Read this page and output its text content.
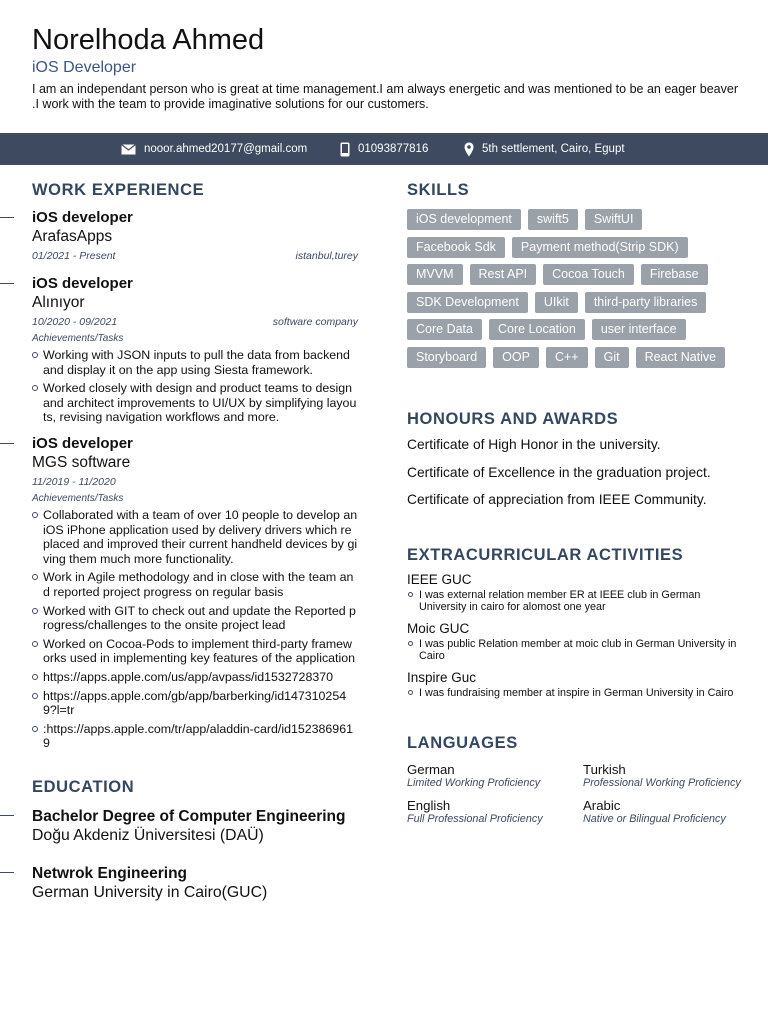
Norelhoda Ahmed
iOS Developer
I am an independant person who is great at time management.I am always energetic and was mentioned to be an eager beaver .I work with the team to provide imaginative solutions for our customers.
nooor.ahmed20177@gmail.com	01093877816	5th settlement, Cairo, Egupt
WORK EXPERIENCE
iOS developer
ArafasApps
01/2021 - Present	istanbul,turey
iOS developer
Alınıyor
10/2020 - 09/2021	software company
Achievements/Tasks
Working with JSON inputs to pull the data from backend and display it on the app using Siesta framework.
Worked closely with design and product teams to design and architect improvements to UI/UX by simplifying layouts, revising navigation workflows and more.
iOS developer
MGS software
11/2019 - 11/2020
Achievements/Tasks
Collaborated with a team of over 10 people to develop an iOS iPhone application used by delivery drivers which replaced and improved their current handheld devices by giving them much more functionality.
Work in Agile methodology and in close with the team and reported project progress on regular basis
Worked with GIT to check out and update the Reported progress/challenges to the onsite project lead
Worked on Cocoa-Pods to implement third-party frameworks used in implementing key features of the application
https://apps.apple.com/us/app/avpass/id1532728370
https://apps.apple.com/gb/app/barberking/id1473102549?l=tr
:https://apps.apple.com/tr/app/aladdin-card/id1523869619
EDUCATION
Bachelor Degree of Computer Engineering
Doğu Akdeniz Üniversitesi (DAÜ)
Netwrok Engineering
German University in Cairo(GUC)
SKILLS
iOS development	swift5	SwiftUI
Facebook Sdk	Payment method(Strip SDK)
MVVM	Rest API	Cocoa Touch	Firebase
SDK Development	UIkit	third-party libraries
Core Data	Core Location	user interface
Storyboard	OOP	C++	Git	React Native
HONOURS AND AWARDS
Certificate of High Honor in the university.
Certificate of Excellence in the graduation project.
Certificate of appreciation from IEEE Community.
EXTRACURRICULAR ACTIVITIES
IEEE GUC
I was external relation member ER at IEEE club in German University in cairo for alomost one year
Moic GUC
I was public Relation member at moic club in German University in Cairo
Inspire Guc
I was fundraising member at inspire in German University in Cairo
LANGUAGES
German
Limited Working Proficiency
Turkish
Professional Working Proficiency
English
Full Professional Proficiency
Arabic
Native or Bilingual Proficiency
